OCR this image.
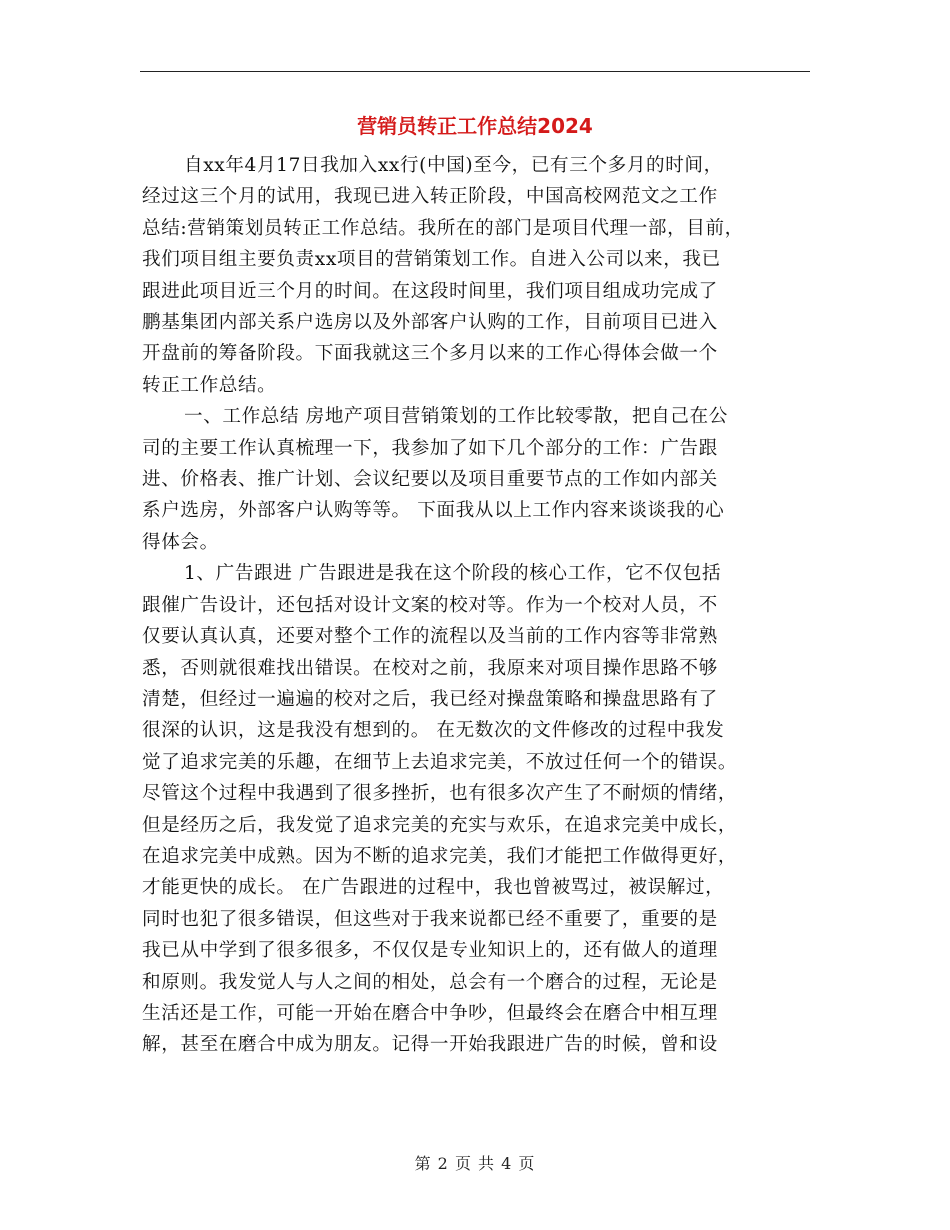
营销员转正工作总结2024

自xx年4月17日我加入xx行(中国)至今，已有三个多月的时间，
经过这三个月的试用，我现已进入转正阶段，中国高校网范文之工作
总结:营销策划员转正工作总结。我所在的部门是项目代理一部，目前，
我们项目组主要负责xx项目的营销策划工作。自进入公司以来，我已
跟进此项目近三个月的时间。在这段时间里，我们项目组成功完成了
鹏基集团内部关系户选房以及外部客户认购的工作，目前项目已进入
开盘前的筹备阶段。下面我就这三个多月以来的工作心得体会做一个
转正工作总结。

一、工作总结 房地产项目营销策划的工作比较零散，把自己在公
司的主要工作认真梳理一下，我参加了如下几个部分的工作：广告跟
进、价格表、推广计划、会议纪要以及项目重要节点的工作如内部关
系户选房，外部客户认购等等。 下面我从以上工作内容来谈谈我的心
得体会。

1、广告跟进 广告跟进是我在这个阶段的核心工作，它不仅包括
跟催广告设计，还包括对设计文案的校对等。作为一个校对人员，不
仅要认真认真，还要对整个工作的流程以及当前的工作内容等非常熟
悉，否则就很难找出错误。在校对之前，我原来对项目操作思路不够
清楚，但经过一遍遍的校对之后，我已经对操盘策略和操盘思路有了
很深的认识，这是我没有想到的。 在无数次的文件修改的过程中我发
觉了追求完美的乐趣，在细节上去追求完美，不放过任何一个的错误。
尽管这个过程中我遇到了很多挫折，也有很多次产生了不耐烦的情绪，
但是经历之后，我发觉了追求完美的充实与欢乐，在追求完美中成长，
在追求完美中成熟。因为不断的追求完美，我们才能把工作做得更好，
才能更快的成长。 在广告跟进的过程中，我也曾被骂过，被误解过，
同时也犯了很多错误，但这些对于我来说都已经不重要了，重要的是
我已从中学到了很多很多，不仅仅是专业知识上的，还有做人的道理
和原则。我发觉人与人之间的相处，总会有一个磨合的过程，无论是
生活还是工作，可能一开始在磨合中争吵，但最终会在磨合中相互理
解，甚至在磨合中成为朋友。记得一开始我跟进广告的时候，曾和设

第 2 页 共 4 页
